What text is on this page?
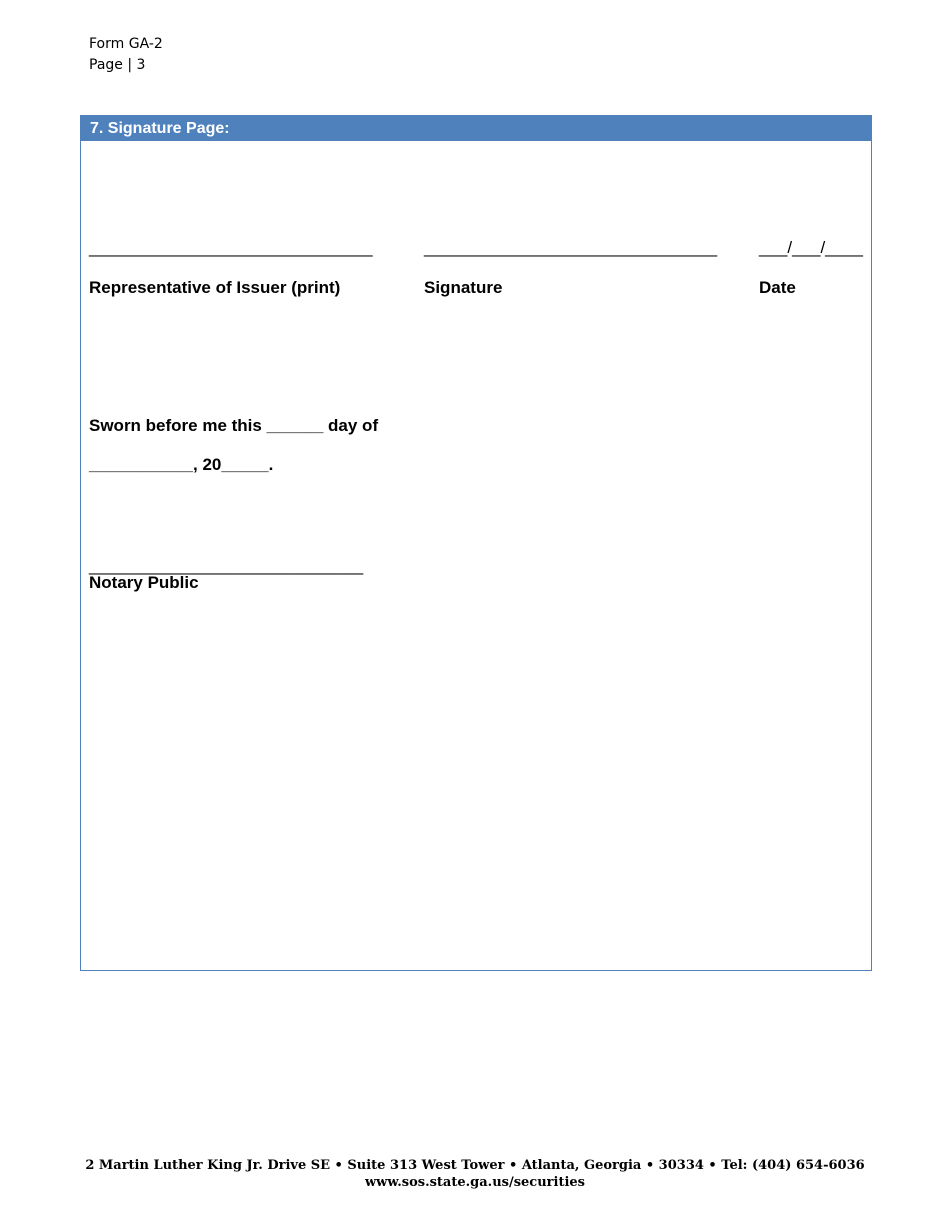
Form GA-2
Page | 3
7. Signature Page:
______________________________	_______________________________ ___/___/____
Representative of Issuer (print)	Signature	Date
Sworn before me this ______ day of
___________, 20_____.
_____________________________
Notary Public
2 Martin Luther King Jr. Drive SE • Suite 313 West Tower • Atlanta, Georgia • 30334 • Tel: (404) 654-6036
www.sos.state.ga.us/securities
